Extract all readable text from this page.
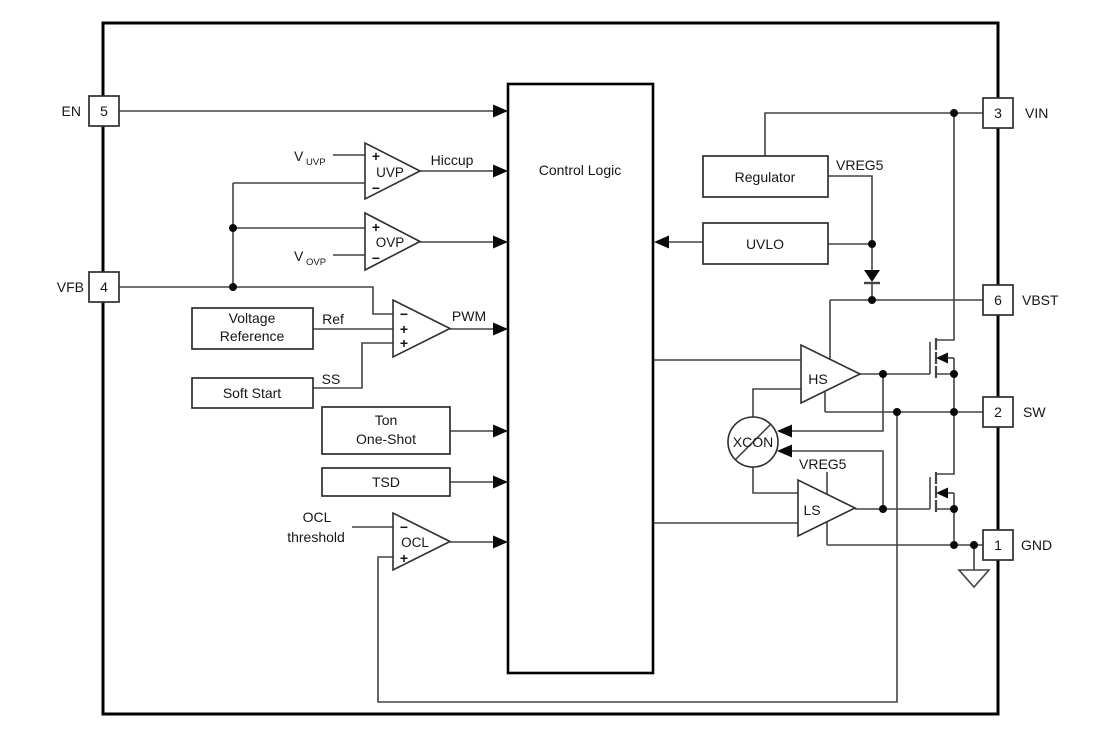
Control Logic
Voltage
Reference
Soft Start
Ton
One-Shot
TSD
Regulator
UVLO
+
UVP
−
+
OVP
−
−
+
+
−
OCL
+
HS
LS
XCON
5
EN
4
VFB
3 VIN
6 VBST
2 SW
1 GND
V UVP
V OVP
Hiccup
PWM
Ref
SS
OCL
threshold
VREG5
VREG5
